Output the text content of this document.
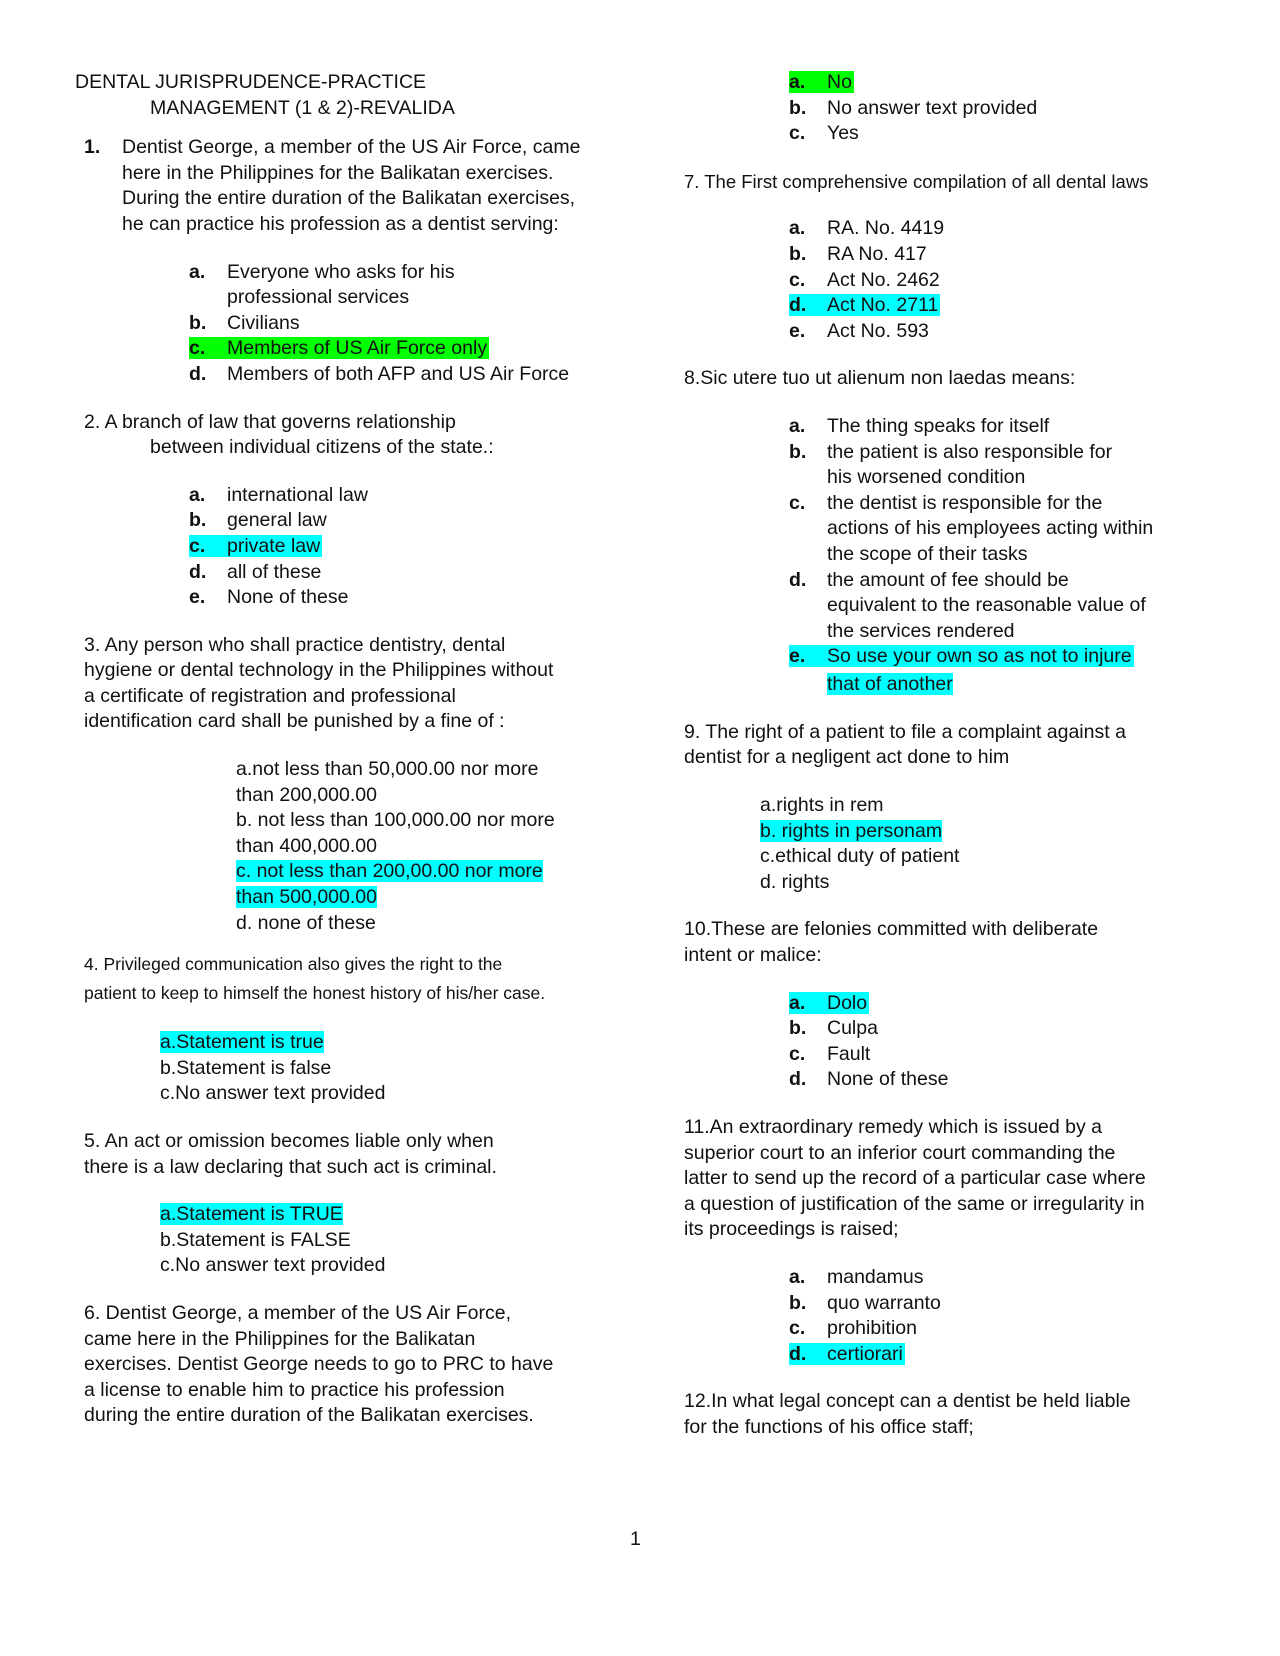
DENTAL JURISPRUDENCE-PRACTICE
MANAGEMENT (1 & 2)-REVALIDA
1. Dentist George, a member of the US Air Force, came
here in the Philippines for the Balikatan exercises.
During the entire duration of the Balikatan exercises,
he can practice his profession as a dentist serving:
a. Everyone who asks for his
professional services
b. Civilians
c. Members of US Air Force only
d. Members of both AFP and US Air Force
2. A branch of law that governs relationship
between individual citizens of the state.:
a. international law
b. general law
c. private law
d. all of these
e. None of these
3. Any person who shall practice dentistry, dental
hygiene or dental technology in the Philippines without
a certificate of registration and professional
identification card shall be punished by a fine of :
a.not less than 50,000.00 nor more
than 200,000.00
b. not less than 100,000.00 nor more
than 400,000.00
c. not less than 200,00.00 nor more
than 500,000.00
d. none of these
4. Privileged communication also gives the right to the
patient to keep to himself the honest history of his/her case.
a.Statement is true
b.Statement is false
c.No answer text provided
5. An act or omission becomes liable only when
there is a law declaring that such act is criminal.
a.Statement is TRUE
b.Statement is FALSE
c.No answer text provided
6. Dentist George, a member of the US Air Force,
came here in the Philippines for the Balikatan
exercises. Dentist George needs to go to PRC to have
a license to enable him to practice his profession
during the entire duration of the Balikatan exercises.
a. No
b. No answer text provided
c. Yes
7. The First comprehensive compilation of all dental laws
a. RA. No. 4419
b. RA No. 417
c. Act No. 2462
d. Act No. 2711
e. Act No. 593
8.Sic utere tuo ut alienum non laedas means:
a. The thing speaks for itself
b. the patient is also responsible for
his worsened condition
c. the dentist is responsible for the
actions of his employees acting within
the scope of their tasks
d. the amount of fee should be
equivalent to the reasonable value of
the services rendered
e. So use your own so as not to injure
that of another
9. The right of a patient to file a complaint against a
dentist for a negligent act done to him
a.rights in rem
b. rights in personam
c.ethical duty of patient
d. rights
10.These are felonies committed with deliberate
intent or malice:
a. Dolo
b. Culpa
c. Fault
d. None of these
11.An extraordinary remedy which is issued by a
superior court to an inferior court commanding the
latter to send up the record of a particular case where
a question of justification of the same or irregularity in
its proceedings is raised;
a. mandamus
b. quo warranto
c. prohibition
d. certiorari
12.In what legal concept can a dentist be held liable
for the functions of his office staff;
1
